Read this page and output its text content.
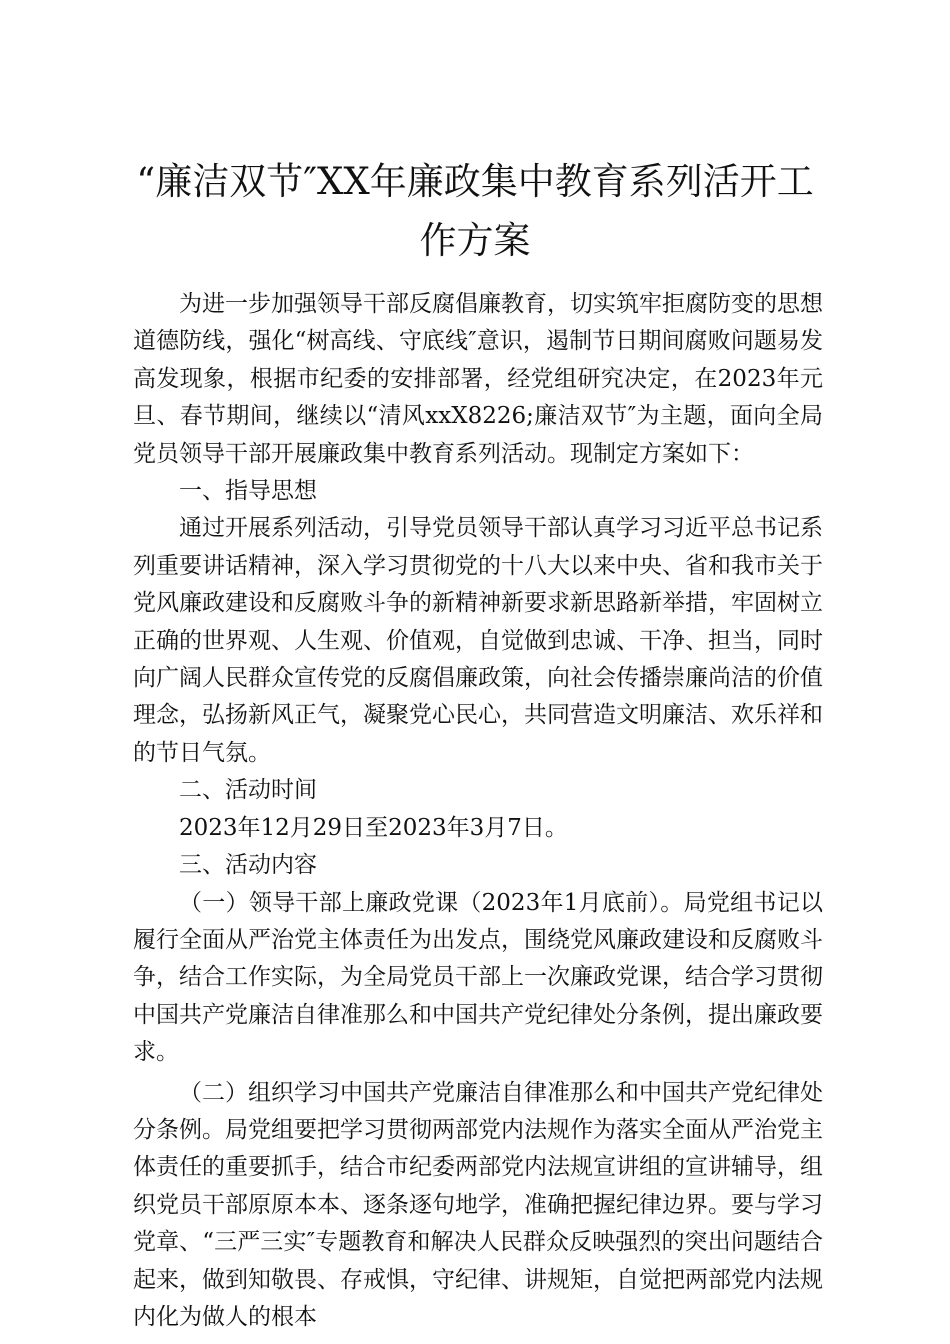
“廉洁双节″XX年廉政集中教育系列活开工
作方案

为进一步加强领导干部反腐倡廉教育，切实筑牢拒腐防变的思想道德防线，强化“树高线、守底线″意识，遏制节日期间腐败问题易发高发现象，根据市纪委的安排部署，经党组研究决定，在2023年元旦、春节期间，继续以“清风xxX8226;廉洁双节″为主题，面向全局党员领导干部开展廉政集中教育系列活动。现制定方案如下：

一、指导思想

通过开展系列活动，引导党员领导干部认真学习习近平总书记系列重要讲话精神，深入学习贯彻党的十八大以来中央、省和我市关于党风廉政建设和反腐败斗争的新精神新要求新思路新举措，牢固树立正确的世界观、人生观、价值观，自觉做到忠诚、干净、担当，同时向广阔人民群众宣传党的反腐倡廉政策，向社会传播崇廉尚洁的价值理念，弘扬新风正气，凝聚党心民心，共同营造文明廉洁、欢乐祥和的节日气氛。

二、活动时间

2023年12月29日至2023年3月7日。

三、活动内容

（一）领导干部上廉政党课（2023年1月底前）。局党组书记以履行全面从严治党主体责任为出发点，围绕党风廉政建设和反腐败斗争，结合工作实际，为全局党员干部上一次廉政党课，结合学习贯彻中国共产党廉洁自律准那么和中国共产党纪律处分条例，提出廉政要求。

（二）组织学习中国共产党廉洁自律准那么和中国共产党纪律处分条例。局党组要把学习贯彻两部党内法规作为落实全面从严治党主体责任的重要抓手，结合市纪委两部党内法规宣讲组的宣讲辅导，组织党员干部原原本本、逐条逐句地学，准确把握纪律边界。要与学习党章、“三严三实″专题教育和解决人民群众反映强烈的突出问题结合起来，做到知敬畏、存戒惧，守纪律、讲规矩，自觉把两部党内法规内化为做人的根本
